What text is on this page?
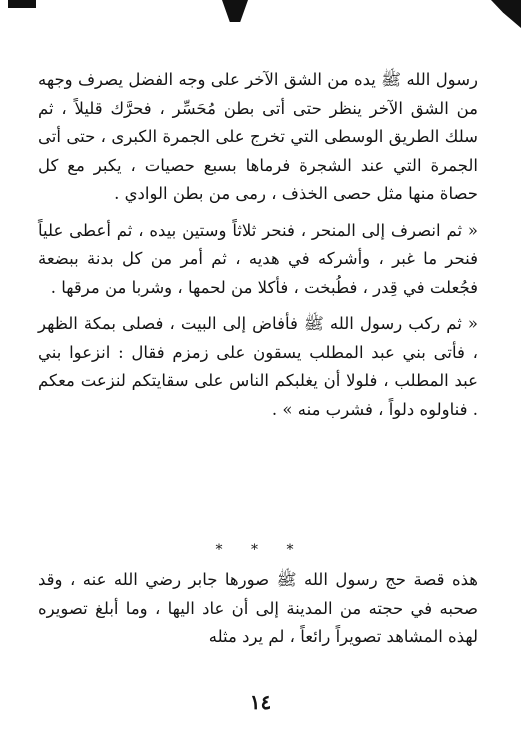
رسول الله ﷺ يده من الشق الآخر على وجه الفضل يصرف وجهه من الشق الآخر ينظر حتى أتى بطن مُحَسِّر ، فحرَّك قليلاً ، ثم سلك الطريق الوسطى التي تخرج على الجمرة الكبرى ، حتى أتى الجمرة التي عند الشجرة فرماها بسبع حصيات ، يكبر مع كل حصاة منها مثل حصى الخذف ، رمى من بطن الوادي .

« ثم انصرف إلى المنحر ، فنحر ثلاثاً وستين بيده ، ثم أعطى علياً فنحر ما غبر ، وأشركه في هديه ، ثم أمر من كل بدنة ببضعة فجُعلت في قِدر ، فطُبخت ، فأكلا من لحمها ، وشربا من مرقها .

« ثم ركب رسول الله ﷺ فأفاض إلى البيت ، فصلى بمكة الظهر ، فأتى بني عبد المطلب يسقون على زمزم فقال : انزعوا بني عبد المطلب ، فلولا أن يغلبكم الناس على سقايتكم لنزعت معكم . فناولوه دلواً ، فشرب منه » .

* * *

هذه قصة حج رسول الله ﷺ صورها جابر رضي الله عنه ، وقد صحبه في حجته من المدينة إلى أن عاد اليها ، وما أبلغ تصويره لهذه المشاهد تصويراً رائعاً ، لم يرد مثله

١٤
